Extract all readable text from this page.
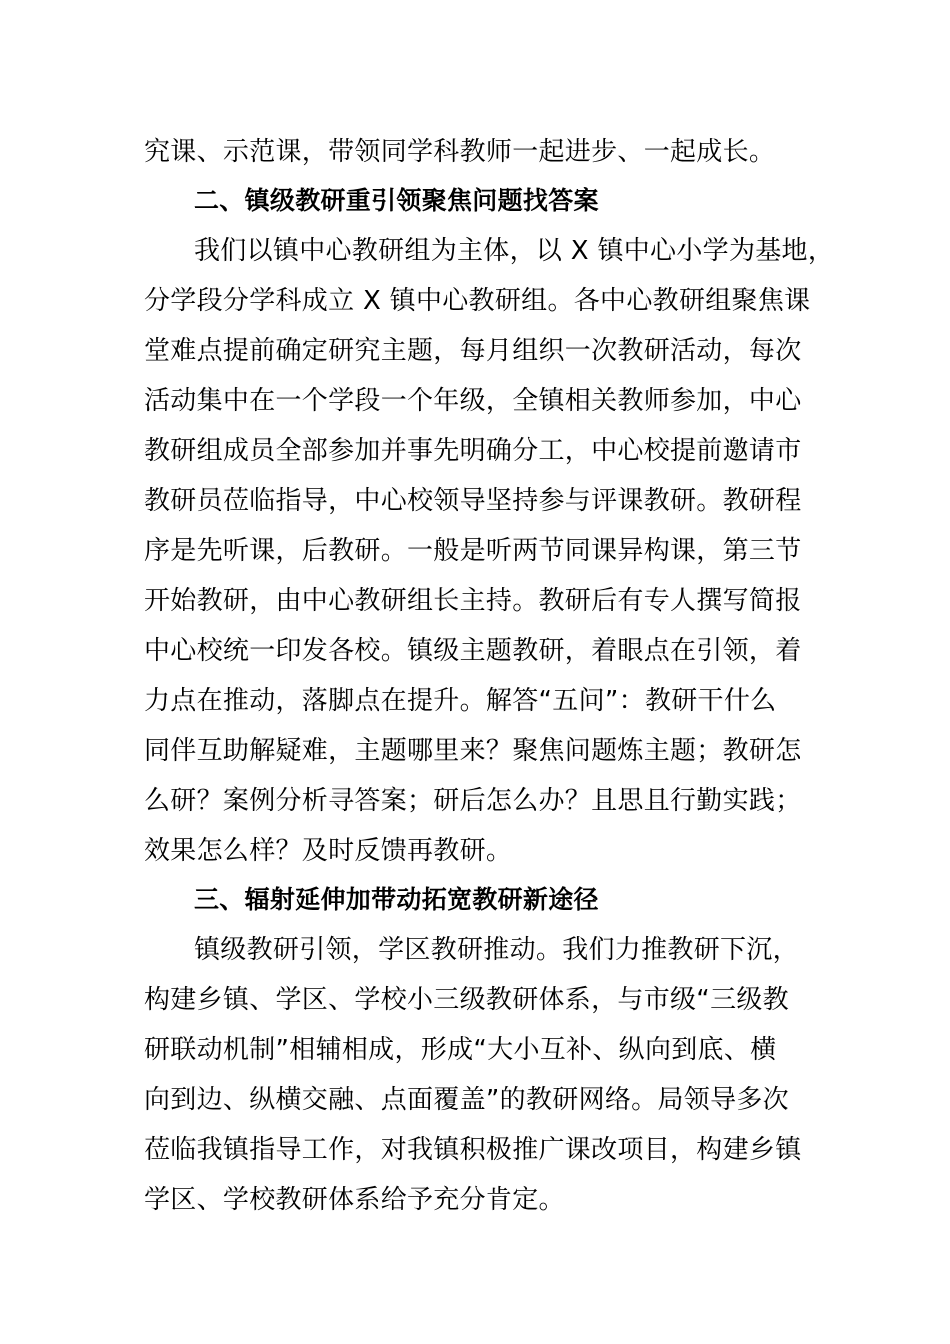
究课、示范课，带领同学科教师一起进步、一起成长。
二、镇级教研重引领聚焦问题找答案
我们以镇中心教研组为主体，以 X 镇中心小学为基地，
分学段分学科成立 X 镇中心教研组。各中心教研组聚焦课
堂难点提前确定研究主题，每月组织一次教研活动，每次
活动集中在一个学段一个年级，全镇相关教师参加，中心
教研组成员全部参加并事先明确分工，中心校提前邀请市
教研员莅临指导，中心校领导坚持参与评课教研。教研程
序是先听课，后教研。一般是听两节同课异构课，第三节
开始教研，由中心教研组长主持。教研后有专人撰写简报
中心校统一印发各校。镇级主题教研，着眼点在引领，着
力点在推动，落脚点在提升。解答“五问”：教研干什么
同伴互助解疑难，主题哪里来？聚焦问题炼主题；教研怎
么研？案例分析寻答案；研后怎么办？且思且行勤实践；
效果怎么样？及时反馈再教研。
三、辐射延伸加带动拓宽教研新途径
镇级教研引领，学区教研推动。我们力推教研下沉，
构建乡镇、学区、学校小三级教研体系，与市级“三级教
研联动机制”相辅相成，形成“大小互补、纵向到底、横
向到边、纵横交融、点面覆盖”的教研网络。局领导多次
莅临我镇指导工作，对我镇积极推广课改项目，构建乡镇
学区、学校教研体系给予充分肯定。
